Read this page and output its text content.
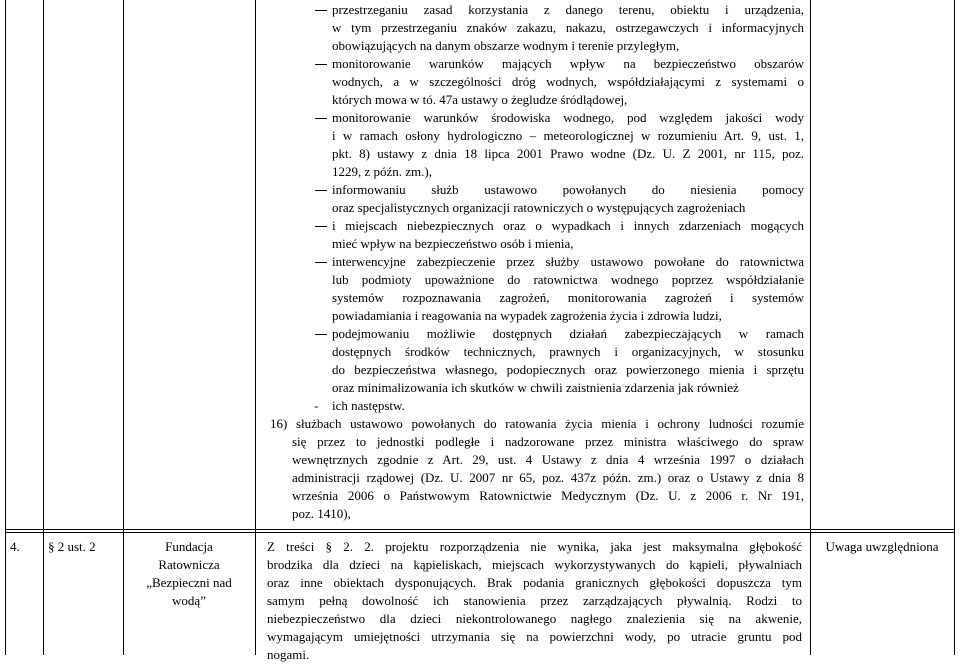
przestrzeganiu zasad korzystania z danego terenu, obiektu i urządzenia,
w tym przestrzeganiu znaków zakazu, nakazu, ostrzegawczych i informacyjnych
obowiązujących na danym obszarze wodnym i terenie przyległym,
monitorowanie warunków mających wpływ na bezpieczeństwo obszarów
wodnych, a w szczególności dróg wodnych, współdziałającymi z systemami o
których mowa w tó. 47a ustawy o żegludze śródlądowej,
monitorowanie warunków środowiska wodnego, pod względem jakości wody
i w ramach osłony hydrologiczno – meteorologicznej w rozumieniu Art. 9, ust. 1,
pkt. 8) ustawy z dnia 18 lipca 2001 Prawo wodne (Dz. U. Z 2001, nr 115, poz.
1229, z późn. zm.),
informowaniu służb ustawowo powołanych do niesienia pomocy
oraz specjalistycznych organizacji ratowniczych o występujących zagrożeniach
i miejscach niebezpiecznych oraz o wypadkach i innych zdarzeniach mogących
mieć wpływ na bezpieczeństwo osób i mienia,
interwencyjne zabezpieczenie przez służby ustawowo powołane do ratownictwa
lub podmioty upoważnione do ratownictwa wodnego poprzez współdziałanie
systemów rozpoznawania zagrożeń, monitorowania zagrożeń i systemów
powiadamiania i reagowania na wypadek zagrożenia życia i zdrowia ludzi,
podejmowaniu możliwie dostępnych działań zabezpieczających w ramach
dostępnych środków technicznych, prawnych i organizacyjnych, w stosunku
do bezpieczeństwa własnego, podopiecznych oraz powierzonego mienia i sprzętu
oraz minimalizowania ich skutków w chwili zaistnienia zdarzenia jak również
- ich następstw.
16) służbach ustawowo powołanych do ratowania życia mienia i ochrony ludności rozumie
się przez to jednostki podległe i nadzorowane przez ministra właściwego do spraw
wewnętrznych zgodnie z Art. 29, ust. 4 Ustawy z dnia 4 września 1997 o działach
administracji rządowej (Dz. U. 2007 nr 65, poz. 437z późn. zm.) oraz o Ustawy z dnia 8
września 2006 o Państwowym Ratownictwie Medycznym (Dz. U. z 2006 r. Nr 191,
poz. 1410),
4. § 2 ust. 2	Fundacja
Ratownicza
„Bezpieczni nad
wodą”
Z treści § 2. 2. projektu rozporządzenia nie wynika, jaka jest maksymalna głębokość
brodzika dla dzieci na kąpieliskach, miejscach wykorzystywanych do kąpieli, pływalniach
oraz inne obiektach dysponujących. Brak podania granicznych głębokości dopuszcza tym
samym pełną dowolność ich stanowienia przez zarządzających pływalnią. Rodzi to
niebezpieczeństwo dla dzieci niekontrolowanego nagłego znalezienia się na akwenie,
wymagającym umiejętności utrzymania się na powierzchni wody, po utracie gruntu pod
nogami.
Uwaga uwzględniona
